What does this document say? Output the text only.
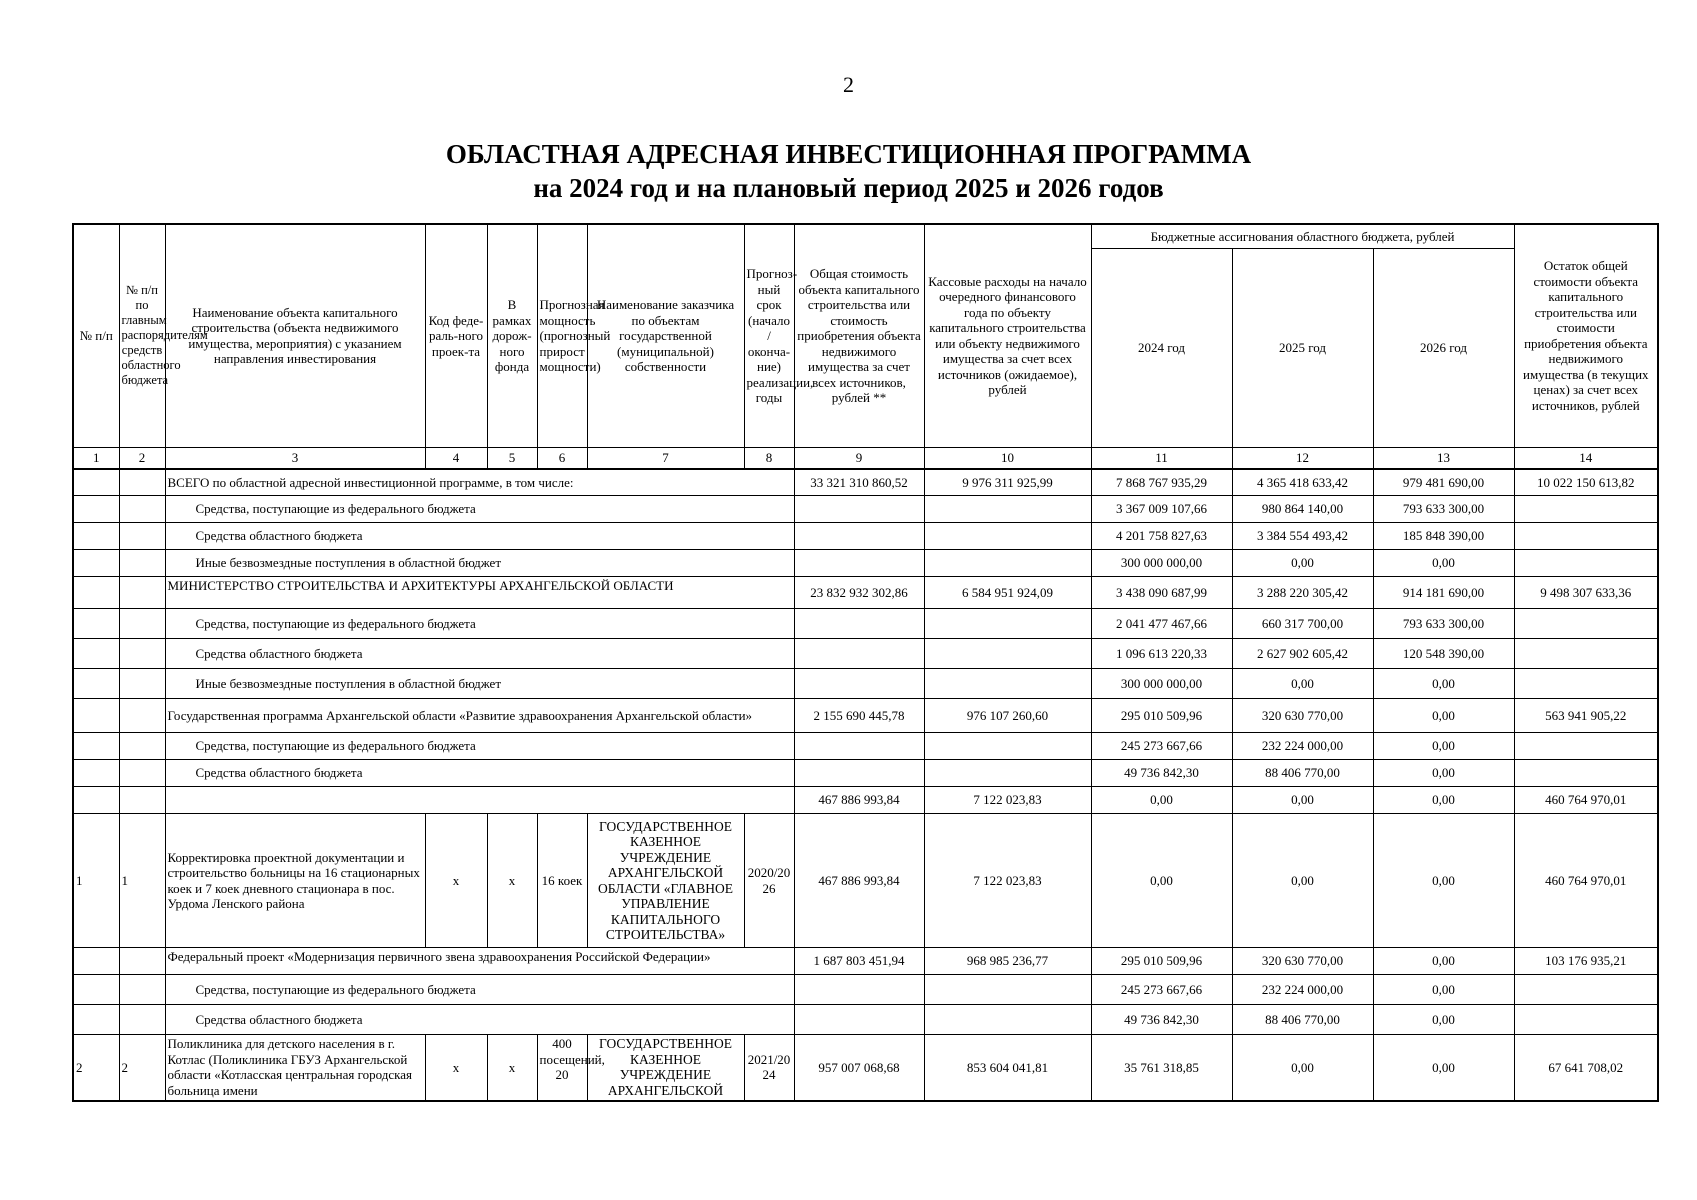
2
ОБЛАСТНАЯ АДРЕСНАЯ ИНВЕСТИЦИОННАЯ ПРОГРАММА
на 2024 год и на плановый период 2025 и 2026 годов
№ п/п	№ п/п по главным распорядителям средств областного бюджета	Наименование объекта капитального строительства (объекта недвижимого имущества, мероприятия) с указанием направления инвестирования	Код феде-раль-ного проек-та	В рамках дорож-ного фонда	Прогнозная мощность (прогнозный прирост мощности)	Наименование заказчика по объектам государственной (муниципальной) собственности	Прогноз-ный срок (начало / оконча-ние) реализации, годы	Общая стоимость объекта капитального строительства или стоимость приобретения объекта недвижимого имущества за счет всех источников, рублей **	Кассовые расходы на начало очередного финансового года по объекту капитального строительства или объекту недвижимого имущества за счет всех источников (ожидаемое), рублей	Бюджетные ассигнования областного бюджета, рублей			Остаток общей стоимости объекта капитального строительства или стоимости приобретения объекта недвижимого имущества (в текущих ценах) за счет всех источников, рублей
										2024 год	2025 год	2026 год	
1	2	3	4	5	6	7	8	9	10	11	12	13	14
		ВСЕГО по областной адресной инвестиционной программе, в том числе:						33 321 310 860,52	9 976 311 925,99	7 868 767 935,29	4 365 418 633,42	979 481 690,00	10 022 150 613,82
		Средства, поступающие из федерального бюджета								3 367 009 107,66	980 864 140,00	793 633 300,00	
		Средства областного бюджета								4 201 758 827,63	3 384 554 493,42	185 848 390,00	
		Иные безвозмездные поступления в областной бюджет								300 000 000,00	0,00	0,00	
		МИНИСТЕРСТВО СТРОИТЕЛЬСТВА И АРХИТЕКТУРЫ АРХАНГЕЛЬСКОЙ ОБЛАСТИ						23 832 932 302,86	6 584 951 924,09	3 438 090 687,99	3 288 220 305,42	914 181 690,00	9 498 307 633,36
		Средства, поступающие из федерального бюджета								2 041 477 467,66	660 317 700,00	793 633 300,00	
		Средства областного бюджета								1 096 613 220,33	2 627 902 605,42	120 548 390,00	
		Иные безвозмездные поступления в областной бюджет								300 000 000,00	0,00	0,00	
		Государственная программа Архангельской области «Развитие здравоохранения Архангельской области»						2 155 690 445,78	976 107 260,60	295 010 509,96	320 630 770,00	0,00	563 941 905,22
		Средства, поступающие из федерального бюджета								245 273 667,66	232 224 000,00	0,00	
		Средства областного бюджета								49 736 842,30	88 406 770,00	0,00	
								467 886 993,84	7 122 023,83	0,00	0,00	0,00	460 764 970,01
1	1	Корректировка проектной документации и строительство больницы на 16 стационарных коек и 7 коек дневного стационара в пос. Урдома Ленского района	х	х	16 коек	ГОСУДАРСТВЕННОЕ КАЗЕННОЕ УЧРЕЖДЕНИЕ АРХАНГЕЛЬСКОЙ ОБЛАСТИ «ГЛАВНОЕ УПРАВЛЕНИЕ КАПИТАЛЬНОГО СТРОИТЕЛЬСТВА»	2020/2026	467 886 993,84	7 122 023,83	0,00	0,00	0,00	460 764 970,01
		Федеральный проект «Модернизация первичного звена здравоохранения Российской Федерации»						1 687 803 451,94	968 985 236,77	295 010 509,96	320 630 770,00	0,00	103 176 935,21
		Средства, поступающие из федерального бюджета								245 273 667,66	232 224 000,00	0,00	
		Средства областного бюджета								49 736 842,30	88 406 770,00	0,00	
2	2	Поликлиника для детского населения в г. Котлас (Поликлиника ГБУЗ Архангельской области «Котласская центральная городская больница имени	х	х	400 посещений, 20	ГОСУДАРСТВЕННОЕ КАЗЕННОЕ УЧРЕЖДЕНИЕ АРХАНГЕЛЬСКОЙ	2021/2024	957 007 068,68	853 604 041,81	35 761 318,85	0,00	0,00	67 641 708,02
